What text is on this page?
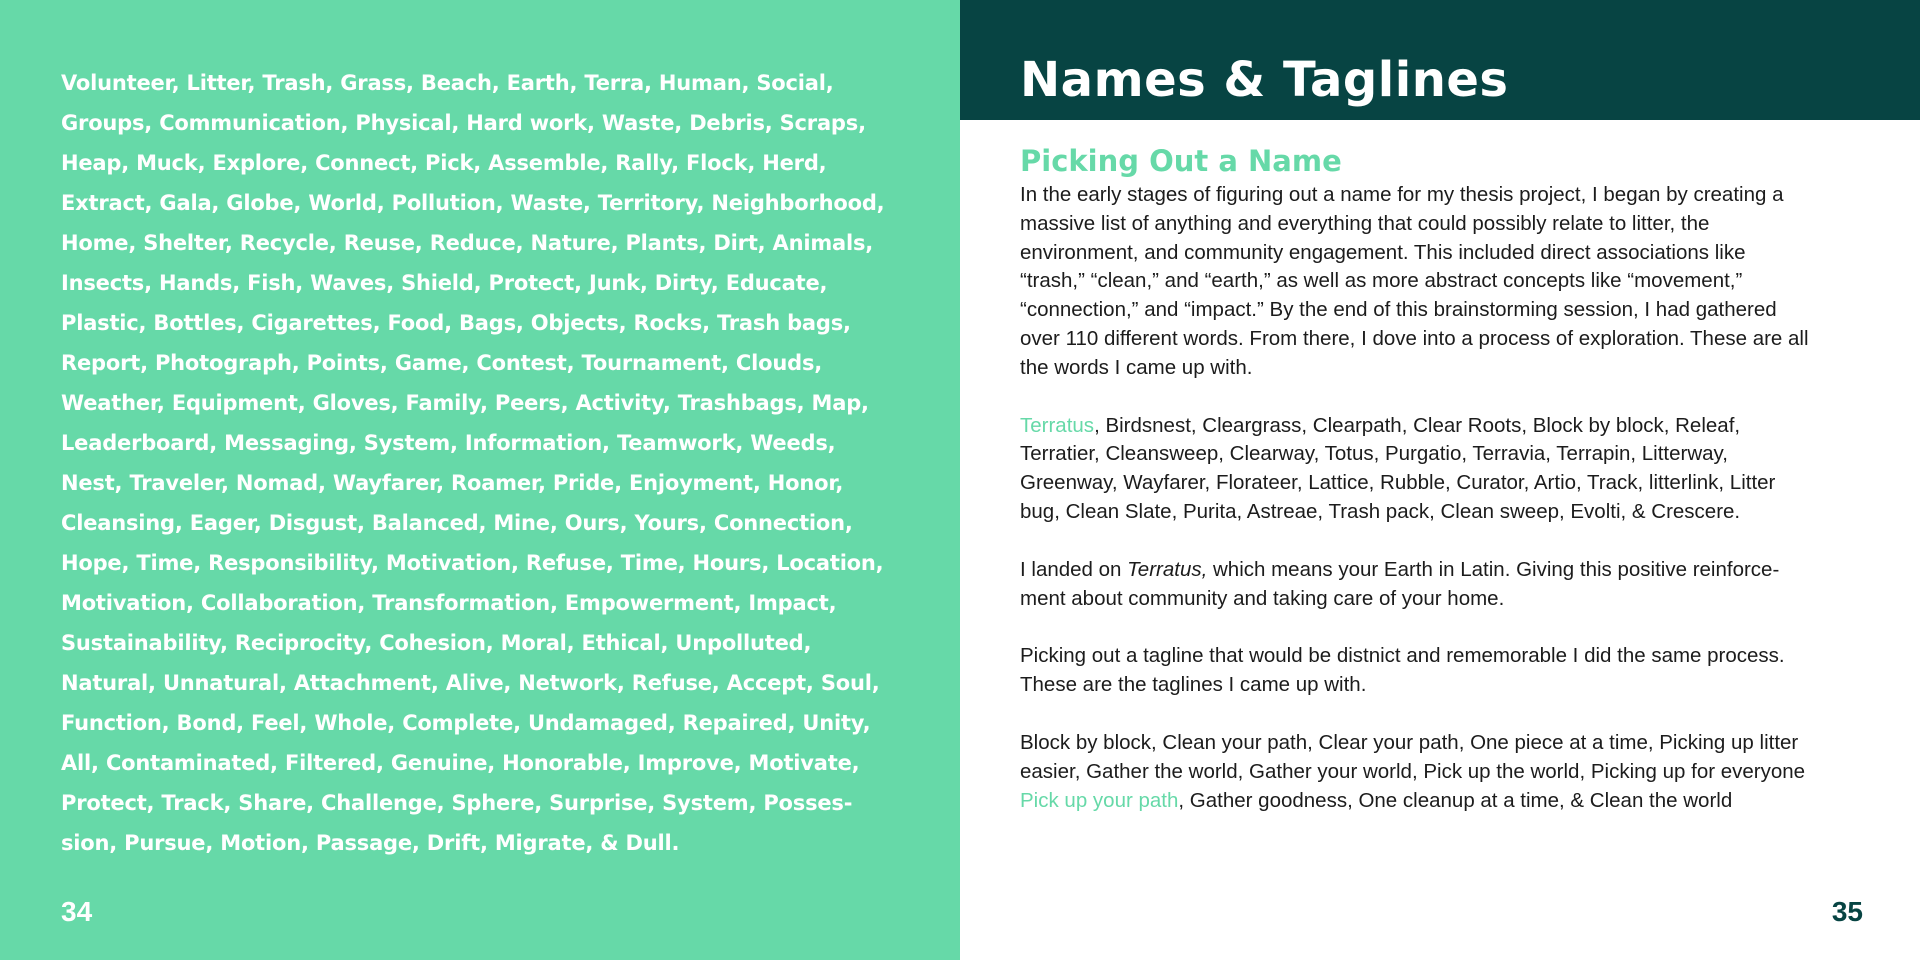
Volunteer, Litter, Trash, Grass, Beach, Earth, Terra, Human, Social,
Groups, Communication, Physical, Hard work, Waste, Debris, Scraps,
Heap, Muck, Explore, Connect, Pick, Assemble, Rally, Flock, Herd,
Extract, Gala, Globe, World, Pollution, Waste, Territory, Neighborhood,
Home, Shelter, Recycle, Reuse, Reduce, Nature, Plants, Dirt, Animals,
Insects, Hands, Fish, Waves, Shield, Protect, Junk, Dirty, Educate,
Plastic, Bottles, Cigarettes, Food, Bags, Objects, Rocks, Trash bags,
Report, Photograph, Points, Game, Contest, Tournament, Clouds,
Weather, Equipment, Gloves, Family, Peers, Activity, Trashbags, Map,
Leaderboard, Messaging, System, Information, Teamwork, Weeds,
Nest, Traveler, Nomad, Wayfarer, Roamer, Pride, Enjoyment, Honor,
Cleansing, Eager, Disgust, Balanced, Mine, Ours, Yours, Connection,
Hope, Time, Responsibility, Motivation, Refuse, Time, Hours, Location,
Motivation, Collaboration, Transformation, Empowerment, Impact,
Sustainability, Reciprocity, Cohesion, Moral, Ethical, Unpolluted,
Natural, Unnatural, Attachment, Alive, Network, Refuse, Accept, Soul,
Function, Bond, Feel, Whole, Complete, Undamaged, Repaired, Unity,
All, Contaminated, Filtered, Genuine, Honorable, Improve, Motivate,
Protect, Track, Share, Challenge, Sphere, Surprise, System, Posses-
sion, Pursue, Motion, Passage, Drift, Migrate, & Dull.
34
Names & Taglines
Picking Out a Name

In the early stages of figuring out a name for my thesis project, I began by creating a
massive list of anything and everything that could possibly relate to litter, the
environment, and community engagement. This included direct associations like
“trash,” “clean,” and “earth,” as well as more abstract concepts like “movement,”
“connection,” and “impact.” By the end of this brainstorming session, I had gathered
over 110 different words. From there, I dove into a process of exploration. These are all
the words I came up with.

Terratus, Birdsnest, Cleargrass, Clearpath, Clear Roots, Block by block, Releaf,
Terratier, Cleansweep, Clearway, Totus, Purgatio, Terravia, Terrapin, Litterway,
Greenway, Wayfarer, Florateer, Lattice, Rubble, Curator, Artio, Track, litterlink, Litter
bug, Clean Slate, Purita, Astreae, Trash pack, Clean sweep, Evolti, & Crescere.

I landed on Terratus, which means your Earth in Latin. Giving this positive reinforce-
ment about community and taking care of your home.

Picking out a tagline that would be distnict and rememorable I did the same process.
These are the taglines I came up with.

Block by block, Clean your path, Clear your path, One piece at a time, Picking up litter
easier, Gather the world, Gather your world, Pick up the world, Picking up for everyone
Pick up your path, Gather goodness, One cleanup at a time, & Clean the world

35
